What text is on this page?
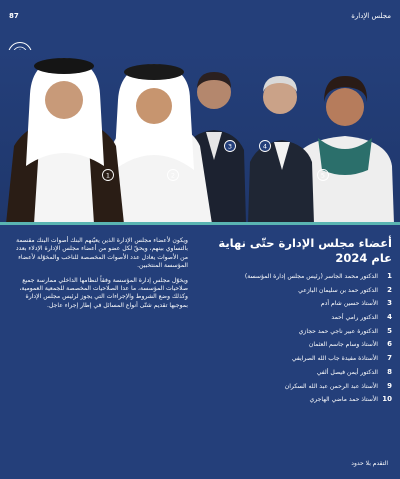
87	مجلس الإدارة
1	2
3	4
5
أعضاء مجلس الإدارة حتّى نهاية
عام 2024
1
الدكتور محمد الجاسر (رئيس مجلس إدارة المؤسسة)
2
الدكتور حمد بن سليمان البازعي
3
الأستاذ حسين شام أدم
4
الدكتور رامي أحمد
5
الدكتورة عبير ناجي حمد حجازي
6
الأستاذ وسام جاسم العثمان
7
الأستاذة مفيدة جاب الله الصرايفي
8
الدكتور أيمن فيصل ألفي
9
الأستاذ عبد الرحمن عبد الله السكران
10
الأستاذ حمد ماضي الهاجري

ويكون لأعضاء مجلس الإدارة الذين يعيّنهم البنك أصوات البنك مقسمة بالتساوي بينهم، ويحقّ لكل عضو من أعضاء مجلس الإدارة الإدلاء بعدد من الأصوات يعادل عدد الأصوات المخصصة للناخب والمخوّلة لأعضاء المؤسسة المنتخبين.

ويخوّل مجلس إدارة المؤسسة وفقاً لنظامها الداخلي ممارسة جميع صلاحيات المؤسسة، ما عدا الصلاحيات المخصصة للجمعية العمومية، وكذلك وضع الشروط والإجراءات التي يجوز لرئيس مجلس الإدارة بموجبها تقديم شتّى أنواع المسائل في إطار إجراء عاجل.

التقدم بلا حدود
